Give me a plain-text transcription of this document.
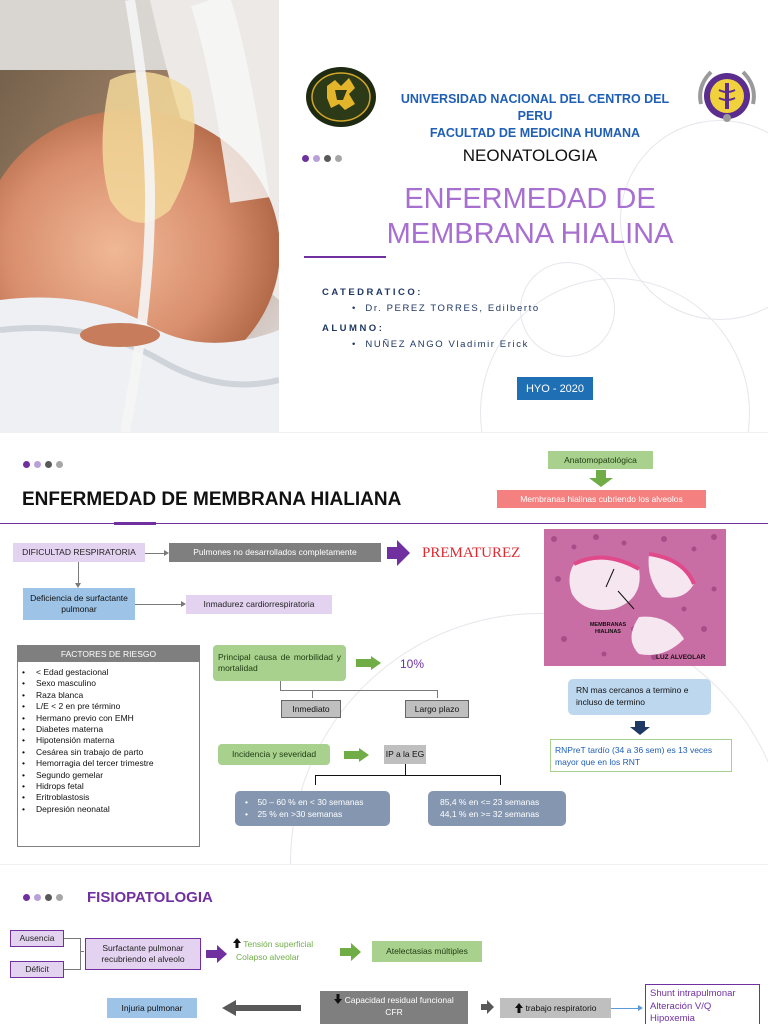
UNIVERSIDAD NACIONAL DEL CENTRO DEL PERU
FACULTAD DE MEDICINA HUMANA
NEONATOLOGIA
ENFERMEDAD DE
MEMBRANA HIALINA
CATEDRATICO:
•  Dr. PEREZ TORRES, Edilberto
ALUMNO:
•  NUÑEZ ANGO Vladimir Erick
HYO - 2020
ENFERMEDAD DE MEMBRANA HIALIANA
Anatomopatológica
Membranas hialinas cubriendo los alveolos
DIFICULTAD RESPIRATORIA	Pulmones no desarrollados completamente	PREMATUREZ
Deficiencia de surfactante pulmonar	Inmadurez cardiorrespiratoria
MEMBRANAS HIALINAS
LUZ ALVEOLAR
FACTORES DE RIESGO
• < Edad gestacional
• Sexo masculino
• Raza blanca
• L/E < 2 en pre término
• Hermano previo con EMH
• Diabetes materna
• Hipotensión materna
• Cesárea sin trabajo de parto
• Hemorragia del tercer trimestre
• Segundo gemelar
• Hidrops fetal
• Eritroblastosis
• Depresión neonatal
Principal causa de morbilidad y mortalidad	10%
Inmediato	Largo plazo
Incidencia y severidad	IP a la EG
•    50 – 60 % en < 30 semanas
•    25 % en >30 semanas
85,4 % en <= 23 semanas
44,1 % en >= 32 semanas
RN mas cercanos a termino e incluso de termino
RNPreT tardío (34 a 36 sem) es 13 veces mayor que en los RNT
FISIOPATOLOGIA
Ausencia
Déficit
Surfactante pulmonar recubriendo el alveolo
Tensión superficial
Colapso alveolar
Atelectasias múltiples
Injuria pulmonar
Capacidad residual funcional
CFR	trabajo respiratorio
Shunt intrapulmonar
Alteración V/Q
Hipoxemia
